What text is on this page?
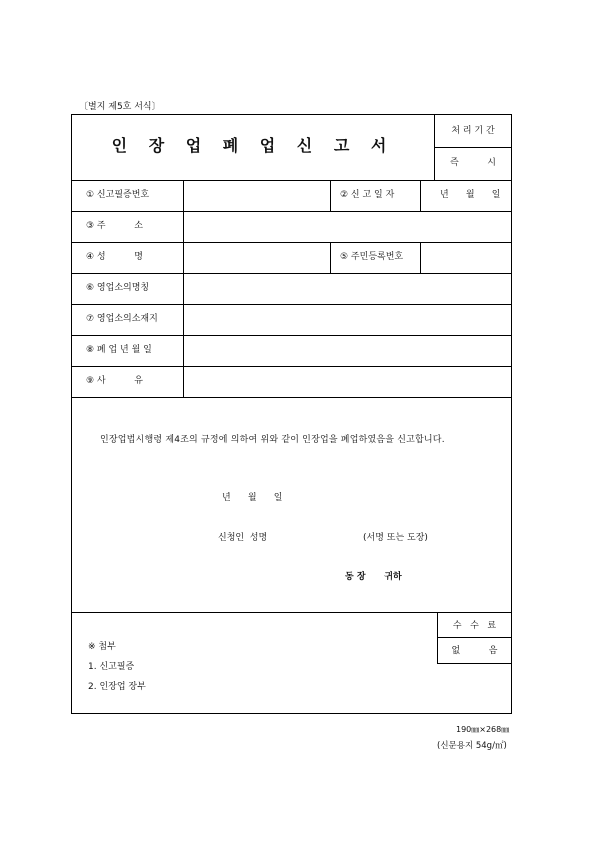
〔별지 제5호 서식〕
인 장 업 폐 업 신 고 서
처 리 기 간
즉          시
① 신고필증번호	② 신 고 일 자	년      월      일
③ 주          소
④ 성          명	⑤ 주민등록번호
⑥ 영업소의명칭
⑦ 영업소의소재지
⑧ 폐 업 년 월 일
⑨ 사          유
인장업법시행령 제4조의 규정에 의하여 위와 같이 인장업을 폐업하였음을 신고합니다.
년      월      일
신청인  성명	(서명 또는 도장)
동 장      귀하
수   수   료
없          음
※ 첨부
1. 신고필증
2. 인장업 장부
190㎜×268㎜
(신문용지 54g/㎡)
